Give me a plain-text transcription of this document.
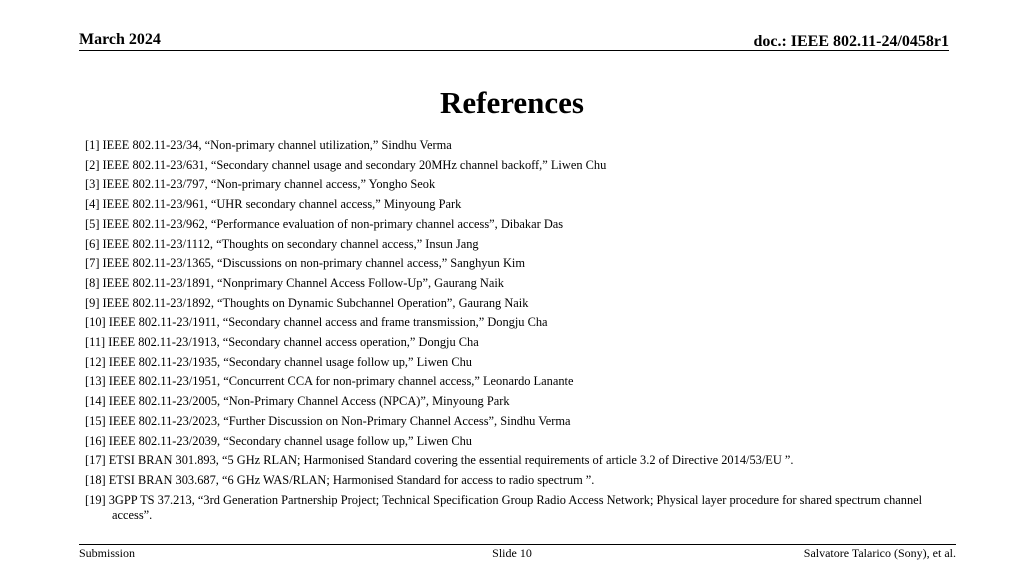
March 2024	doc.: IEEE 802.11-24/0458r1
References
[1] IEEE 802.11-23/34, “Non-primary channel utilization,” Sindhu Verma
[2] IEEE 802.11-23/631, “Secondary channel usage and secondary 20MHz channel backoff,” Liwen Chu
[3] IEEE 802.11-23/797, “Non-primary channel access,” Yongho Seok
[4] IEEE 802.11-23/961, “UHR secondary channel access,” Minyoung Park
[5] IEEE 802.11-23/962, “Performance evaluation of non-primary channel access”, Dibakar Das
[6] IEEE 802.11-23/1112, “Thoughts on secondary channel access,” Insun Jang
[7] IEEE 802.11-23/1365, “Discussions on non-primary channel access,” Sanghyun Kim
[8] IEEE 802.11-23/1891, “Nonprimary Channel Access Follow-Up”, Gaurang Naik
[9] IEEE 802.11-23/1892, “Thoughts on Dynamic Subchannel Operation”, Gaurang Naik
[10] IEEE 802.11-23/1911, “Secondary channel access and frame transmission,” Dongju Cha
[11] IEEE 802.11-23/1913, “Secondary channel access operation,” Dongju Cha
[12] IEEE 802.11-23/1935, “Secondary channel usage follow up,” Liwen Chu
[13] IEEE 802.11-23/1951, “Concurrent CCA for non-primary channel access,” Leonardo Lanante
[14] IEEE 802.11-23/2005, “Non-Primary Channel Access (NPCA)”, Minyoung Park
[15] IEEE 802.11-23/2023, “Further Discussion on Non-Primary Channel Access”, Sindhu Verma
[16] IEEE 802.11-23/2039, “Secondary channel usage follow up,” Liwen Chu
[17] ETSI BRAN 301.893, “5 GHz RLAN; Harmonised Standard covering the essential requirements of article 3.2 of Directive 2014/53/EU ”.
[18] ETSI BRAN 303.687, “6 GHz WAS/RLAN; Harmonised Standard for access to radio spectrum ”.
[19] 3GPP TS 37.213, “3rd Generation Partnership Project; Technical Specification Group Radio Access Network; Physical layer procedure for shared spectrum channel access”.
Submission	Slide 10	Salvatore Talarico (Sony), et al.
